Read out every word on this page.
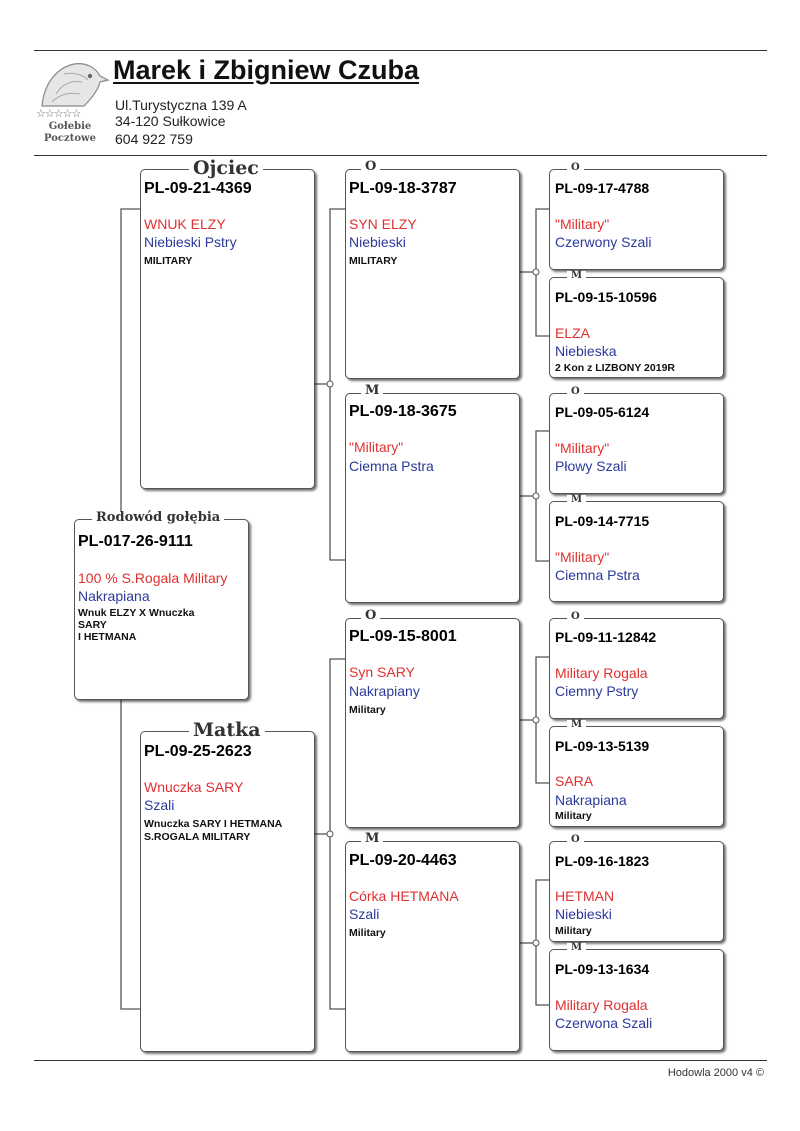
☆☆☆☆☆
Gołebie
Pocztowe
Marek i Zbigniew Czuba
Ul.Turystyczna 139 A
34-120 Sułkowice
604 922 759
Rodowód gołębia
PL-017-26-9111
100 % S.Rogala Military
Nakrapiana
Wnuk ELZY X Wnuczka
SARY
I HETMANA
Ojciec
PL-09-21-4369
WNUK ELZY
Niebieski Pstry
MILITARY
Matka
PL-09-25-2623
Wnuczka SARY
Szali
Wnuczka SARY I HETMANA
S.ROGALA MILITARY
O
PL-09-18-3787
SYN ELZY
Niebieski
MILITARY
M
PL-09-18-3675
"Military"
Ciemna Pstra
O
PL-09-15-8001
Syn SARY
Nakrapiany
Military
M
PL-09-20-4463
Córka HETMANA
Szali
Military
O
PL-09-17-4788
"Military"
Czerwony Szali
M
PL-09-15-10596
ELZA
Niebieska
2 Kon z LIZBONY 2019R
O
PL-09-05-6124
"Military"
Płowy Szali
M
PL-09-14-7715
"Military"
Ciemna Pstra
O
PL-09-11-12842
Military Rogala
Ciemny Pstry
M
PL-09-13-5139
SARA
Nakrapiana
Military
O
PL-09-16-1823
HETMAN
Niebieski
Military
M
PL-09-13-1634
Military Rogala
Czerwona Szali
Hodowla 2000 v4 ©
